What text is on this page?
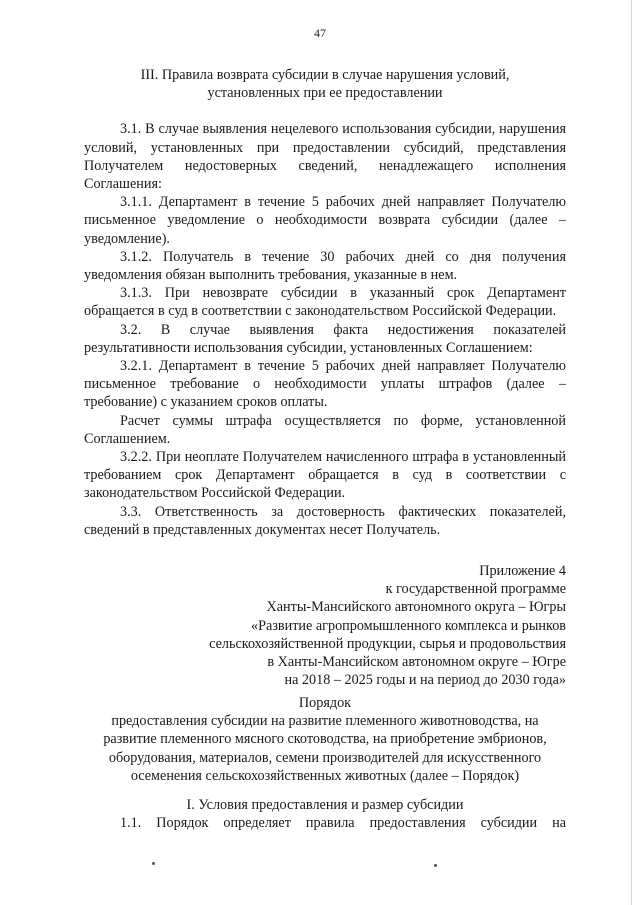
47
III. Правила возврата субсидии в случае нарушения условий,
установленных при ее предоставлении

3.1. В случае выявления нецелевого использования субсидии, нарушения условий, установленных при предоставлении субсидий, представления Получателем недостоверных сведений, ненадлежащего исполнения Соглашения:

3.1.1. Департамент в течение 5 рабочих дней направляет Получателю письменное уведомление о необходимости возврата субсидии (далее – уведомление).

3.1.2. Получатель в течение 30 рабочих дней со дня получения уведомления обязан выполнить требования, указанные в нем.

3.1.3. При невозврате субсидии в указанный срок Департамент обращается в суд в соответствии с законодательством Российской Федерации.

3.2. В случае выявления факта недостижения показателей результативности использования субсидии, установленных Соглашением:

3.2.1. Департамент в течение 5 рабочих дней направляет Получателю письменное требование о необходимости уплаты штрафов (далее – требование) с указанием сроков оплаты.

Расчет суммы штрафа осуществляется по форме, установленной Соглашением.

3.2.2. При неоплате Получателем начисленного штрафа в установленный требованием срок Департамент обращается в суд в соответствии с законодательством Российской Федерации.

3.3. Ответственность за достоверность фактических показателей, сведений в представленных документах несет Получатель.

Приложение 4
к государственной программе
Ханты-Мансийского автономного округа – Югры
«Развитие агропромышленного комплекса и рынков
сельскохозяйственной продукции, сырья и продовольствия
в Ханты-Мансийском автономном округе – Югре
на 2018 – 2025 годы и на период до 2030 года»
Порядок
предоставления субсидии на развитие племенного животноводства, на
развитие племенного мясного скотоводства, на приобретение эмбрионов,
оборудования, материалов, семени производителей для искусственного
осеменения сельскохозяйственных животных (далее – Порядок)
I. Условия предоставления и размер субсидии
1.1. Порядок определяет правила предоставления субсидии на
